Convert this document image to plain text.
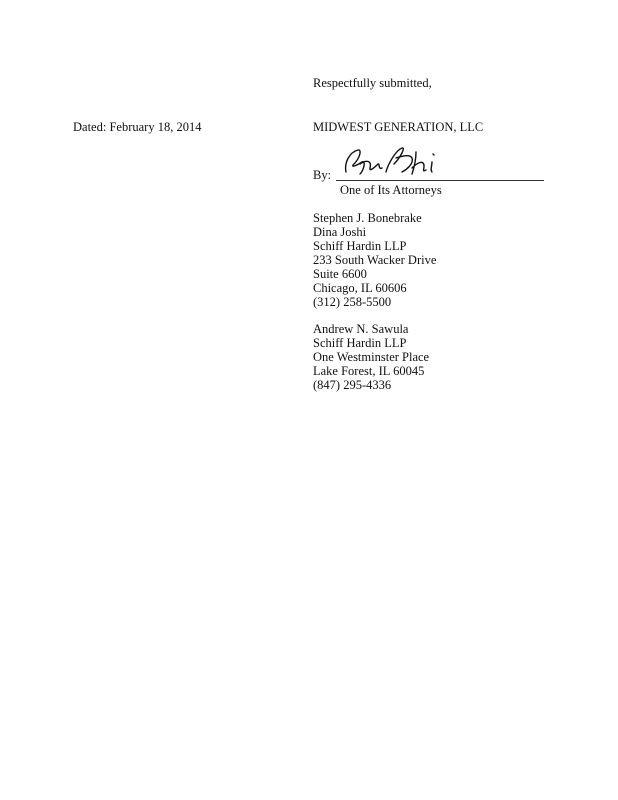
Respectfully submitted,
Dated: February 18, 2014	MIDWEST GENERATION, LLC
By:
One of Its Attorneys
Stephen J. Bonebrake
Dina Joshi
Schiff Hardin LLP
233 South Wacker Drive
Suite 6600
Chicago, IL 60606
(312) 258-5500
Andrew N. Sawula
Schiff Hardin LLP
One Westminster Place
Lake Forest, IL 60045
(847) 295-4336
